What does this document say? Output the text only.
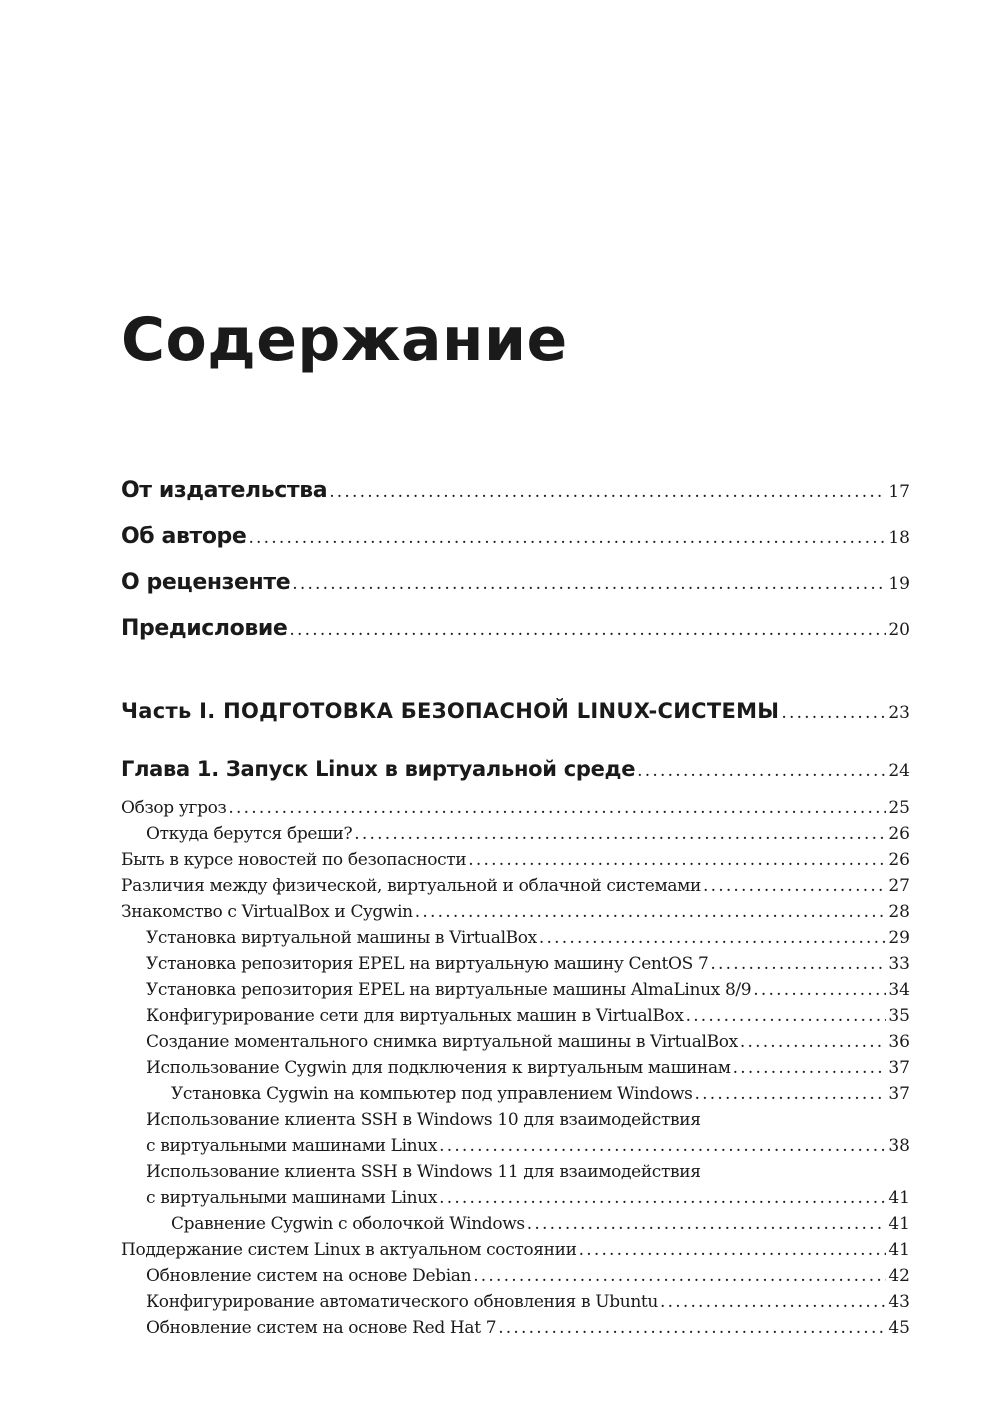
Содержание
От издательства . . .	17
Об авторе . . .	18
О рецензенте . . .	19
Предисловие . . .	20
Часть I. ПОДГОТОВКА БЕЗОПАСНОЙ LINUX-СИСТЕМЫ . . .	23
Глава 1. Запуск Linux в виртуальной среде . . .	24
Обзор угроз . . .	25
Откуда берутся бреши? . . .	26
Быть в курсе новостей по безопасности . . .	26
Различия между физической, виртуальной и облачной системами . . .	27
Знакомство с VirtualBox и Cygwin . . .	28
Установка виртуальной машины в VirtualBox . . .	29
Установка репозитория EPEL на виртуальную машину CentOS 7 . . .	33
Установка репозитория EPEL на виртуальные машины AlmaLinux 8/9 . . .	34
Конфигурирование сети для виртуальных машин в VirtualBox . . .	35
Создание моментального снимка виртуальной машины в VirtualBox . . .	36
Использование Cygwin для подключения к виртуальным машинам . . .	37
Установка Cygwin на компьютер под управлением Windows . . .	37
Использование клиента SSH в Windows 10 для взаимодействия
с виртуальными машинами Linux . . .	38
Использование клиента SSH в Windows 11 для взаимодействия
с виртуальными машинами Linux . . .	41
Сравнение Cygwin с оболочкой Windows . . .	41
Поддержание систем Linux в актуальном состоянии . . .	41
Обновление систем на основе Debian . . .	42
Конфигурирование автоматического обновления в Ubuntu . . .	43
Обновление систем на основе Red Hat 7 . . .	45
